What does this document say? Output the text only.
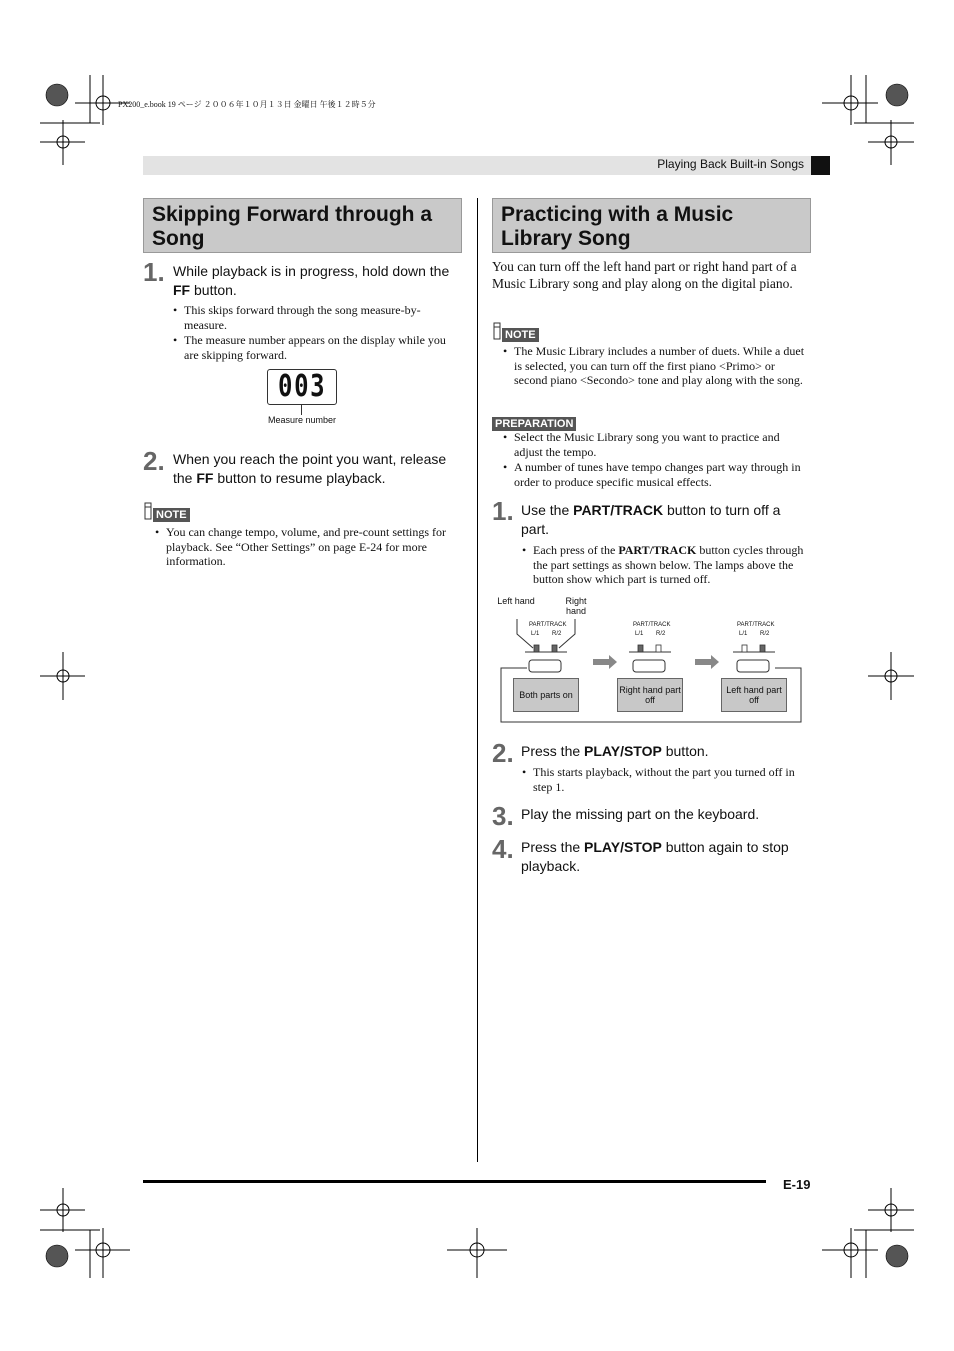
PX200_e.book 19 ページ ２００６年１０月１３日 金曜日 午後１２時５分
Playing Back Built-in Songs
Skipping Forward through a
Song
1. While playback is in progress, hold down the FF button.
• This skips forward through the song measure-by-measure.
• The measure number appears on the display while you are skipping forward.
003
Measure number
2. When you reach the point you want, release the FF button to resume playback.
NOTE
• You can change tempo, volume, and pre-count settings for playback. See “Other Settings” on page E-24 for more information.
Practicing with a Music
Library Song
You can turn off the left hand part or right hand part of a Music Library song and play along on the digital piano.
NOTE
• The Music Library includes a number of duets. While a duet is selected, you can turn off the first piano <Primo> or second piano <Secondo> tone and play along with the song.
PREPARATION
• Select the Music Library song you want to practice and adjust the tempo.
• A number of tunes have tempo changes part way through in order to produce specific musical effects.
1. Use the PART/TRACK button to turn off a part.
• Each press of the PART/TRACK button cycles through the part settings as shown below. The lamps above the button show which part is turned off.
Left hand	Right hand
PART/TRACK	PART/TRACK	PART/TRACK
L/1 R/2	L/1 R/2	L/1 R/2
Both parts on	Right hand part off
Left hand part off
2. Press the PLAY/STOP button.
• This starts playback, without the part you turned off in step 1.
3. Play the missing part on the keyboard.
4. Press the PLAY/STOP button again to stop playback.
E-19
